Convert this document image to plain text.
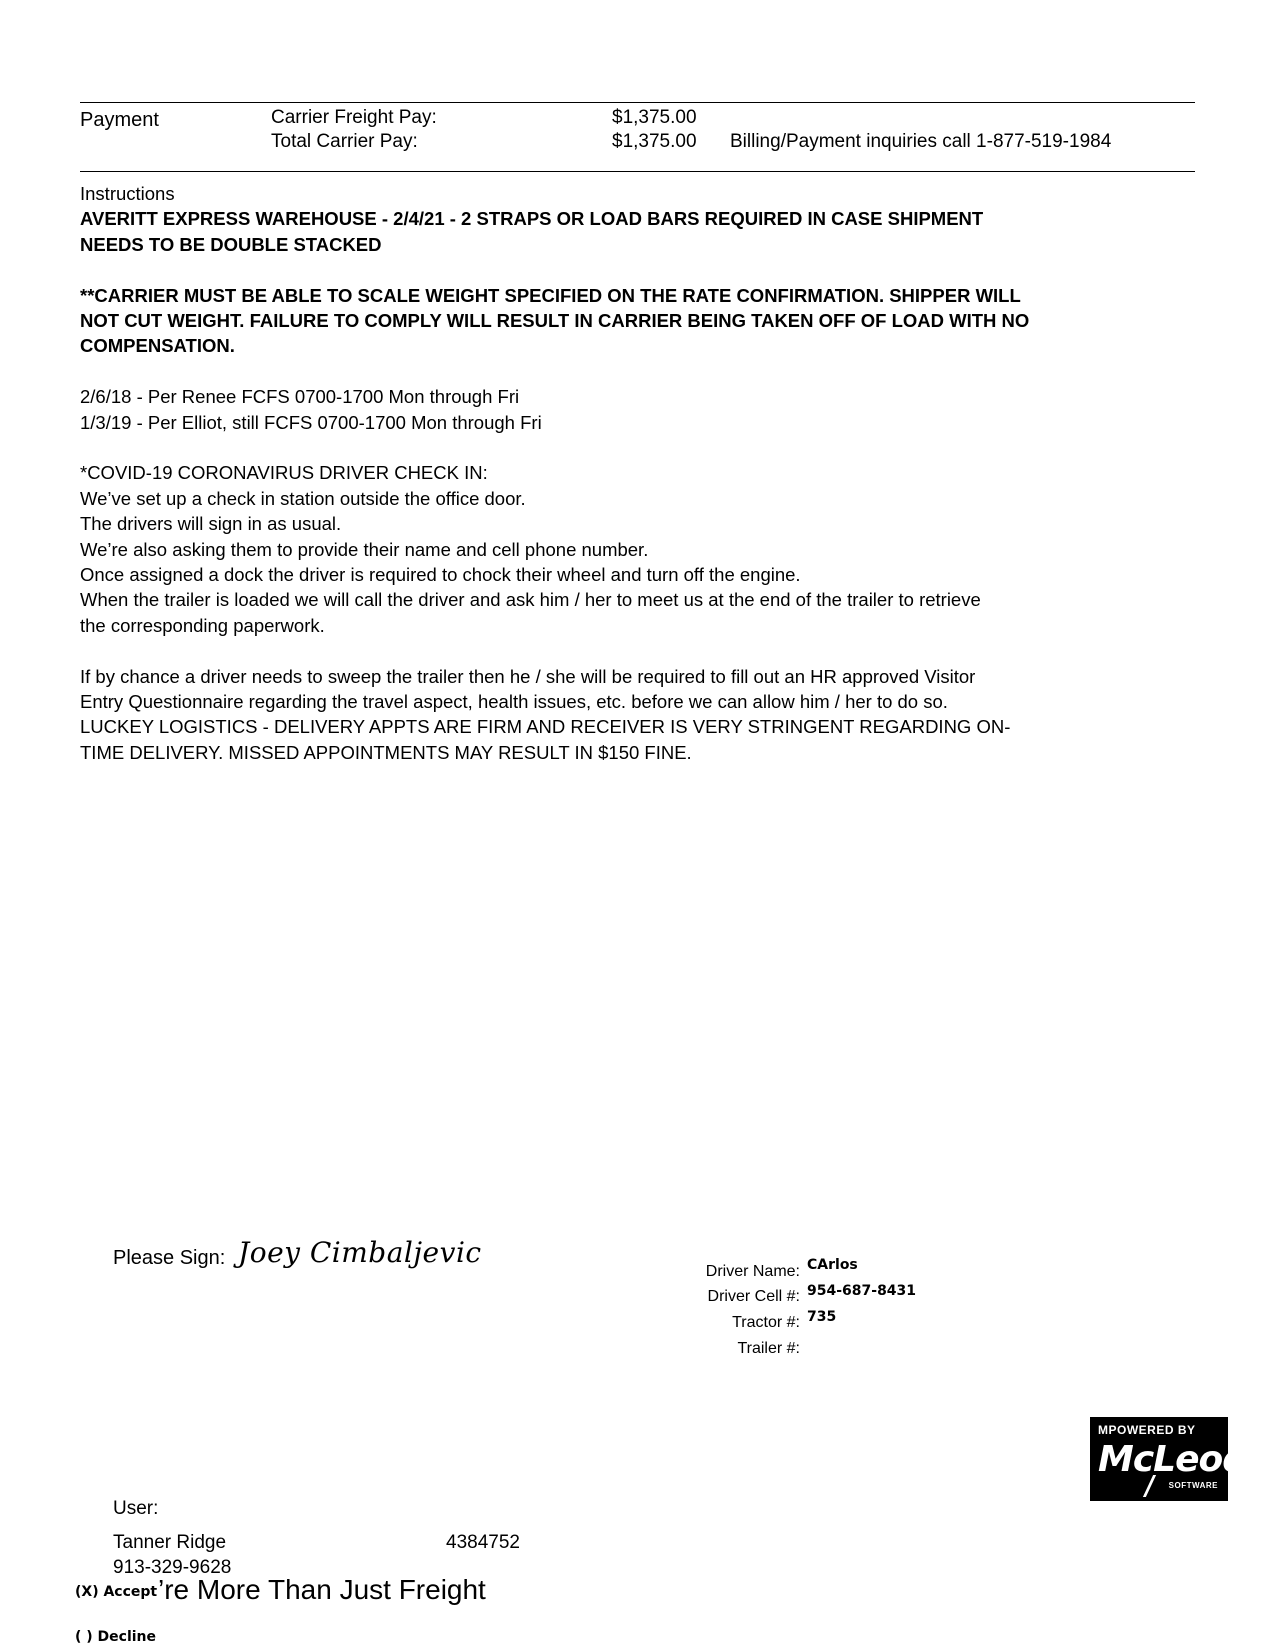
Payment	Carrier Freight Pay:	$1,375.00
Total Carrier Pay:	$1,375.00 Billing/Payment inquiries call 1-877-519-1984
Instructions
AVERITT EXPRESS WAREHOUSE - 2/4/21 - 2 STRAPS OR LOAD BARS REQUIRED IN CASE SHIPMENT
NEEDS TO BE DOUBLE STACKED
**CARRIER MUST BE ABLE TO SCALE WEIGHT SPECIFIED ON THE RATE CONFIRMATION. SHIPPER WILL
NOT CUT WEIGHT. FAILURE TO COMPLY WILL RESULT IN CARRIER BEING TAKEN OFF OF LOAD WITH NO
COMPENSATION.
2/6/18 - Per Renee FCFS 0700-1700 Mon through Fri
1/3/19 - Per Elliot, still FCFS 0700-1700 Mon through Fri
*COVID-19 CORONAVIRUS DRIVER CHECK IN:
We’ve set up a check in station outside the office door.
The drivers will sign in as usual.
We’re also asking them to provide their name and cell phone number.
Once assigned a dock the driver is required to chock their wheel and turn off the engine.
When the trailer is loaded we will call the driver and ask him / her to meet us at the end of the trailer to retrieve
the corresponding paperwork.
If by chance a driver needs to sweep the trailer then he / she will be required to fill out an HR approved Visitor
Entry Questionnaire regarding the travel aspect, health issues, etc. before we can allow him / her to do so.
LUCKEY LOGISTICS - DELIVERY APPTS ARE FIRM AND RECEIVER IS VERY STRINGENT REGARDING ON-
TIME DELIVERY. MISSED APPOINTMENTS MAY RESULT IN $150 FINE.
Please Sign: Joey Cimbaljevic
Driver Name: CArlos
Driver Cell #: 954-687-8431
Tractor #: 735
Trailer #:
MPOWERED BY
McLeod
SOFTWARE
User:
Tanner Ridge	4384752
913-329-9628
(X) Accept ’re More Than Just Freight
( ) Decline
